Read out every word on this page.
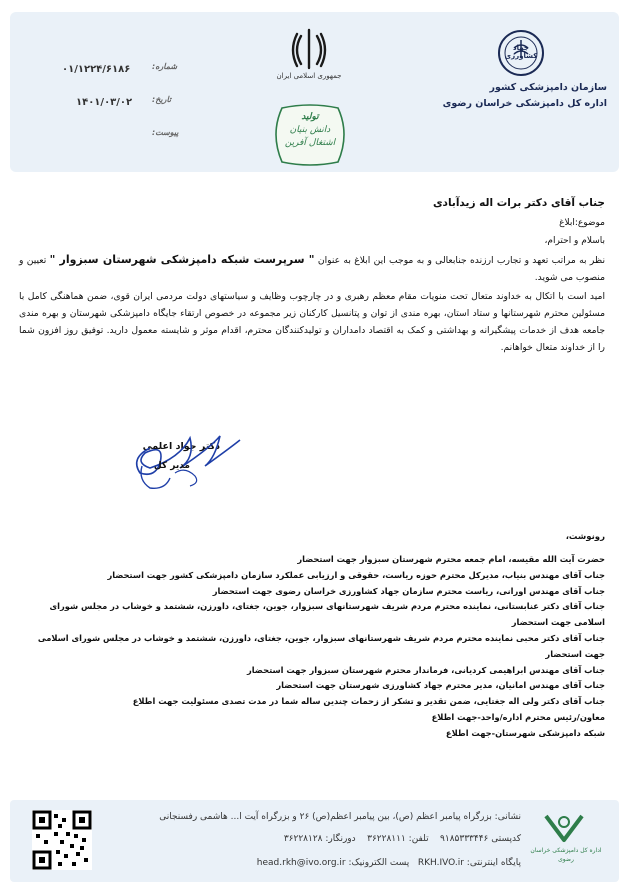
جهاد کشاورزی
سازمان دامپزشکی کشور
اداره کل دامپزشکی خراسان رضوی
جمهوری اسلامی ایران
تولید
دانش بنیان
اشتغال آفرین
شماره:
۰۱/۱۲۲۴/۶۱۸۶
تاریخ:
۱۴۰۱/۰۳/۰۲
پیوست:
جناب آقای دکتر برات اله زیدآبادی
موضوع:ابلاغ
باسلام و احترام،
نظر به مراتب تعهد و تجارب ارزنده جنابعالی و به موجب این ابلاغ به عنوان " سرپرست شبکه دامپزشکی شهرستان سبزوار " تعیین و منصوب می شوید.
امید است با اتکال به خداوند متعال تحت منویات مقام معظم رهبری و در چارچوب وظایف و سیاستهای دولت مردمی ایران قوی، ضمن هماهنگی کامل با مسئولین محترم شهرستانها و ستاد استان، بهره مندی از توان و پتانسیل کارکنان زیر مجموعه در خصوص ارتقاء جایگاه دامپزشکی شهرستان و بهره مندی جامعه هدف از خدمات پیشگیرانه و بهداشتی و کمک به اقتصاد دامداران و تولیدکنندگان محترم، اقدام موثر و شایسته معمول دارید. توفیق روز افزون شما را از خداوند متعال خواهانم.
دکتر جواد اعلمی
مدیر کل
رونوشت،
حضرت آیت الله مقیسه، امام جمعه محترم شهرستان سبزوار جهت استحضار
جناب آقای مهندس بنیاب، مدیرکل محترم حوزه ریاست، حقوقی و ارزیابی عملکرد سازمان دامپزشکی کشور جهت استحضار
جناب آقای مهندس اورانی، ریاست محترم سازمان جهاد کشاورزی خراسان رضوی جهت استحضار
جناب آقای دکتر عنابستانی، نماینده محترم مردم شریف شهرستانهای سبزوار، جوین، جغتای، داورزن، ششتمد و خوشاب در مجلس شورای اسلامی جهت استحضار
جناب آقای دکتر محبی نماینده محترم مردم شریف شهرستانهای سبزوار، جوین، جغتای، داورزن، ششتمد و خوشاب در مجلس شورای اسلامی جهت استحضار
جناب آقای مهندس ابراهیمی کردیانی، فرماندار محترم شهرستان سبزوار جهت استحضار
جناب آقای مهندس امانیان، مدیر محترم جهاد کشاورزی شهرستان جهت استحضار
جناب آقای دکتر ولی اله جغتایی، ضمن تقدیر و تشکر از زحمات چندین ساله شما در مدت تصدی مسئولیت جهت اطلاع
معاون/رئیس محترم اداره/واحد-جهت اطلاع
شبکه دامپزشکی شهرستان-جهت اطلاع
اداره کل دامپزشکی خراسان رضوی
نشانی: بزرگراه پیامبر اعظم (ص)، بین پیامبر اعظم(ص) ۲۶ و بزرگراه آیت ا... هاشمی رفسنجانی
کدپستی ۹۱۸۵۳۳۳۴۴۶    تلفن: ۳۶۲۲۸۱۱۱    دورنگار: ۳۶۲۲۸۱۲۸
پایگاه اینترنتی: RKH.IVO.ir   پست الکترونیک: head.rkh@ivo.org.ir
